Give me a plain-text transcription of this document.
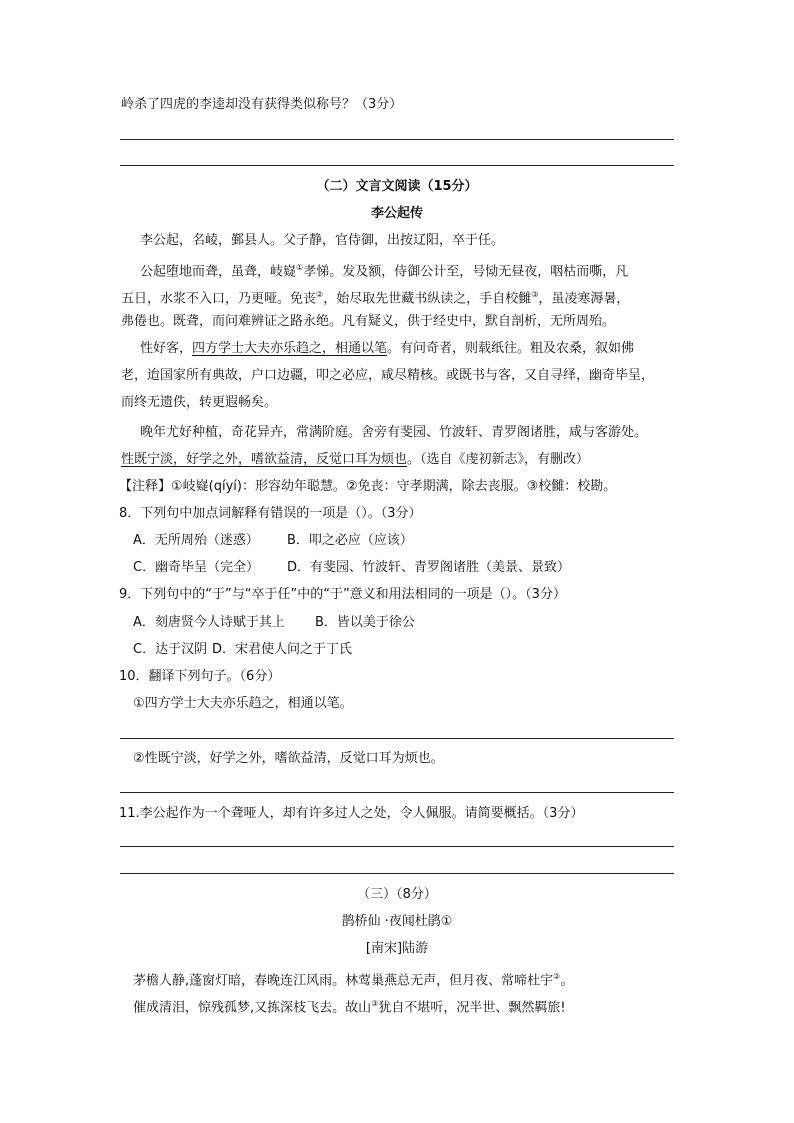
岭杀了四虎的李逵却没有获得类似称号？（3分）
（二）文言文阅读（15分）
李公起传
李公起，名崚，鄞县人。父子静，官侍御，出按辽阳，卒于任。
公起堕地而聋，虽聋，岐嶷①孝悌。发及额，侍御公计至，号恸无昼夜，咽枯而嘶，凡
五日，水浆不入口，乃更哑。免丧②，始尽取先世藏书纵读之，手自校雠③，虽凌寒溽暑，
弗倦也。既聋，而问难辨证之路永绝。凡有疑义，供于经史中，默自剖析，无所周殆。
性好客，四方学士大夫亦乐趋之，相通以笔。有问奇者，则载纸往。粗及农桑，叙如佛
老，迨国家所有典故，户口边疆，叩之必应，咸尽精核。或既书与客，又自寻绎，幽奇毕呈，
而终无遗佚，转更遐畅矣。
晚年尤好种植，奇花异卉，常满阶庭。舍旁有斐园、竹波轩、青罗阁诸胜，咸与客游处。
性既宁淡，好学之外，嗜欲益清，反觉口耳为烦也。（选自《虔初新志》，有删改）
【注释】①岐嶷(qíyí)：形容幼年聪慧。②免丧：守孝期满，除去丧服。③校雠：校勘。
8．下列句中加点词解释有错误的一项是（）。（3分）
A．无所周殆（迷惑） B．叩之必应（应该）
C．幽奇毕呈（完全） D．有斐园、竹波轩、青罗阁诸胜（美景、景致）
9．下列句中的“于”与“卒于任”中的“于”意义和用法相同的一项是（）。（3分）
A．刻唐贤今人诗赋于其上 B．皆以美于徐公
C．达于汉阴 D．宋君使人问之于丁氏
10．翻译下列句子。（6分）
①四方学士大夫亦乐趋之，相通以笔。
②性既宁淡，好学之外，嗜欲益清，反觉口耳为烦也。
11.李公起作为一个聋哑人，却有许多过人之处，令人佩服。请简要概括。（3分）
（三）（8分）
鹊桥仙 ·夜闻杜鹃①
[南宋]陆游
茅檐人静,蓬窗灯暗，春晚连江风雨。林莺巢燕总无声，但月夜、常啼杜宇②。
催成清泪，惊残孤梦,又拣深枝飞去。故山③犹自不堪听，况半世、飘然羁旅!
